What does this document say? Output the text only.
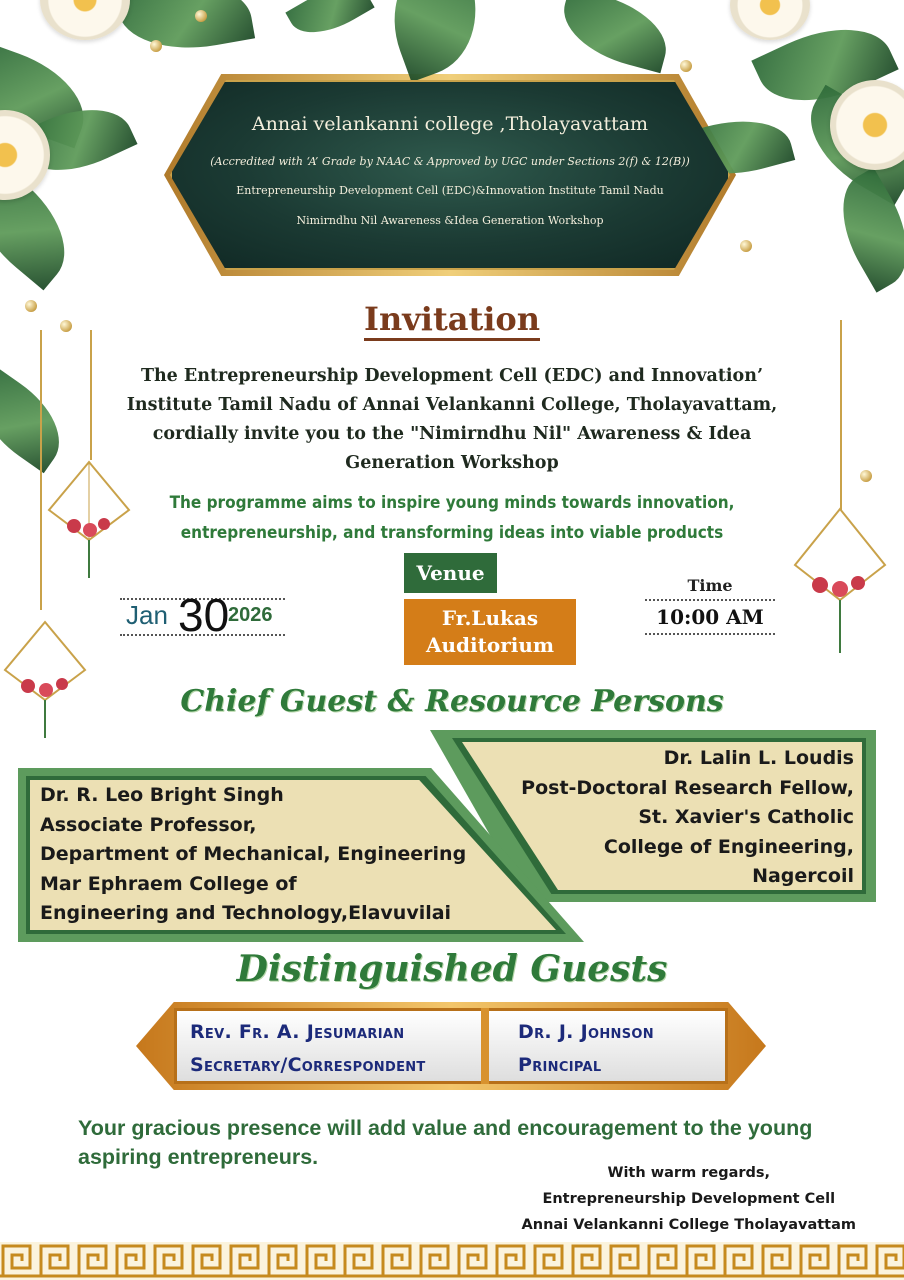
Annai velankanni college ,Tholayavattam
(Accredited with ‘A’ Grade by NAAC & Approved by UGC under Sections 2(f) & 12(B))
Entrepreneurship Development Cell (EDC)&Innovation Institute Tamil Nadu
Nimirndhu Nil Awareness &Idea Generation Workshop
Invitation
The Entrepreneurship Development Cell (EDC) and Innovation’ Institute Tamil Nadu of Annai Velankanni College, Tholayavattam, cordially invite you to the "Nimirndhu Nil" Awareness & Idea Generation Workshop
The programme aims to inspire young minds towards innovation,
entrepreneurship, and transforming ideas into viable products
Jan 30
2026
Venue
Fr.Lukas
Auditorium
Time
10:00 AM
Chief Guest & Resource Persons
Dr. Lalin L. Loudis
Post-Doctoral Research Fellow,
St. Xavier's Catholic
College of Engineering,
Nagercoil
Dr. R. Leo Bright Singh
Associate Professor,
Department of Mechanical, Engineering
Mar Ephraem College of
Engineering and Technology,Elavuvilai
Distinguished Guests
Rev. Fr. A. Jesumarian
Secretary/Correspondent
Dr. J. Johnson
Principal
Your gracious presence will add value and encouragement to the young
aspiring entrepreneurs.
With warm regards,
Entrepreneurship Development Cell
Annai Velankanni College Tholayavattam
